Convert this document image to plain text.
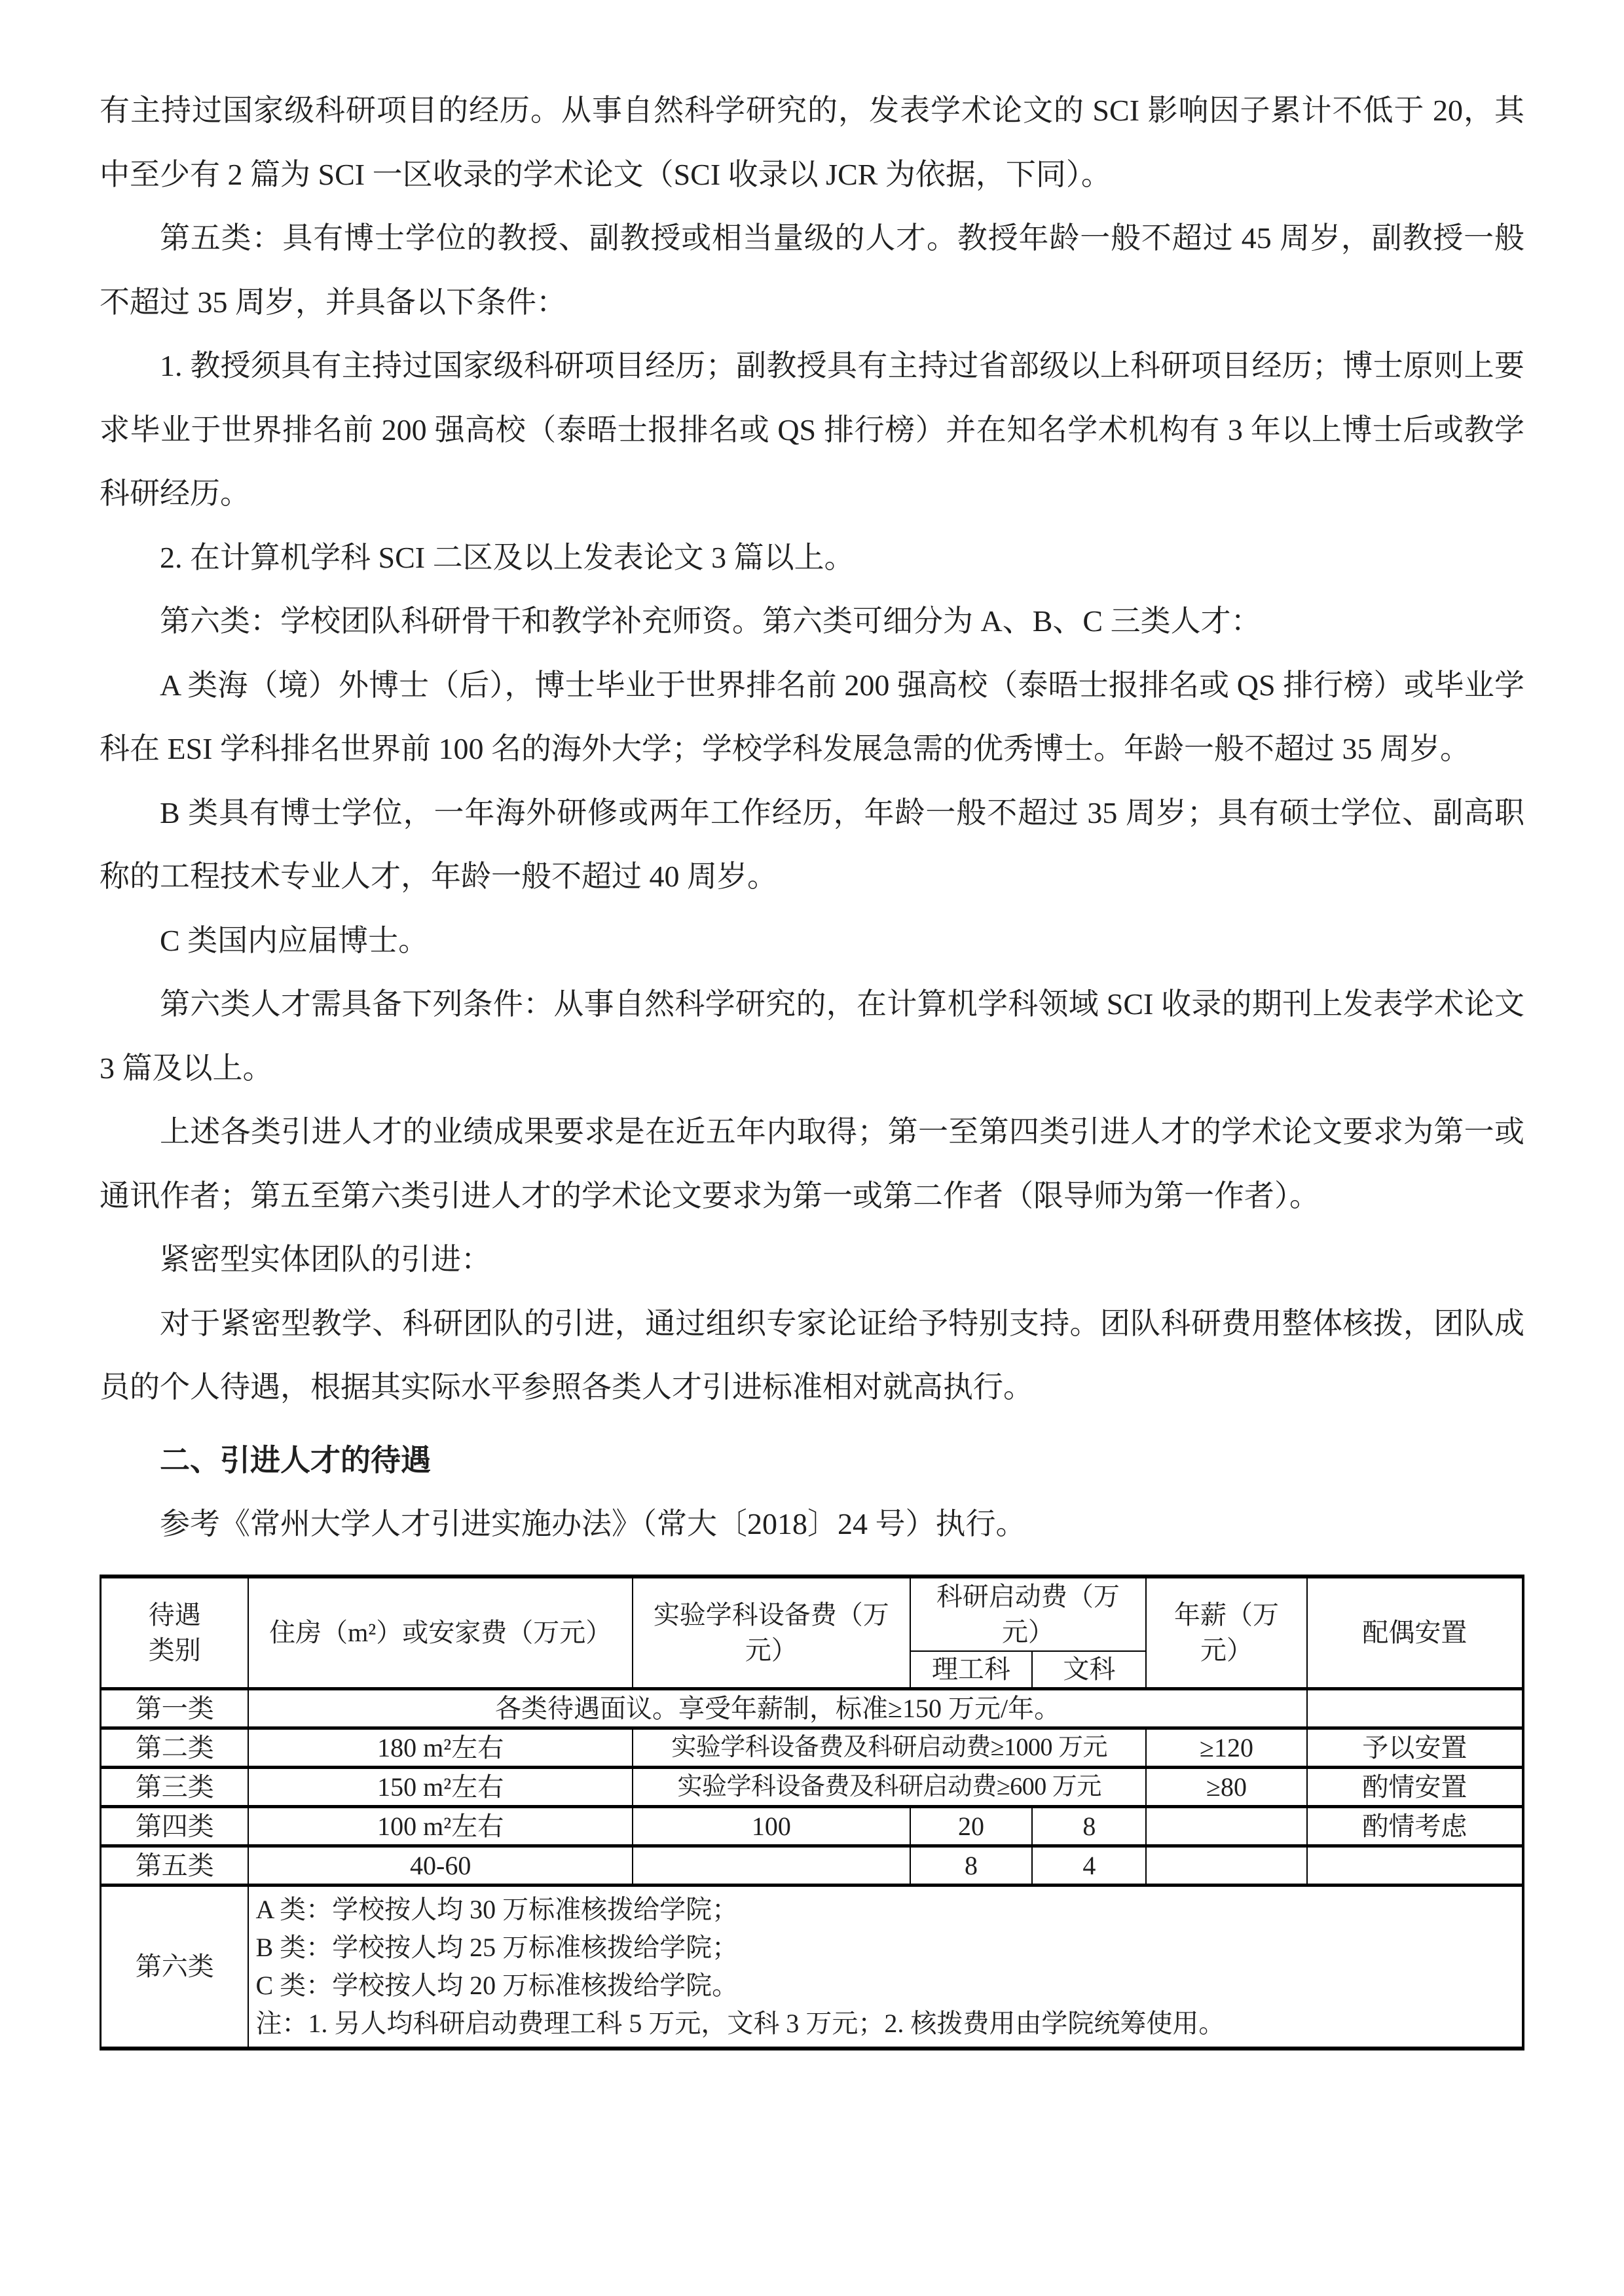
有主持过国家级科研项目的经历。从事自然科学研究的，发表学术论文的 SCI 影响因子累计不低于 20，其中至少有 2 篇为 SCI 一区收录的学术论文（SCI 收录以 JCR 为依据，下同）。

第五类：具有博士学位的教授、副教授或相当量级的人才。教授年龄一般不超过 45 周岁，副教授一般不超过 35 周岁，并具备以下条件：

1. 教授须具有主持过国家级科研项目经历；副教授具有主持过省部级以上科研项目经历；博士原则上要求毕业于世界排名前 200 强高校（泰晤士报排名或 QS 排行榜）并在知名学术机构有 3 年以上博士后或教学科研经历。

2. 在计算机学科 SCI 二区及以上发表论文 3 篇以上。

第六类：学校团队科研骨干和教学补充师资。第六类可细分为 A、B、C 三类人才：

A 类海（境）外博士（后），博士毕业于世界排名前 200 强高校（泰晤士报排名或 QS 排行榜）或毕业学科在 ESI 学科排名世界前 100 名的海外大学；学校学科发展急需的优秀博士。年龄一般不超过 35 周岁。

B 类具有博士学位，一年海外研修或两年工作经历，年龄一般不超过 35 周岁；具有硕士学位、副高职称的工程技术专业人才，年龄一般不超过 40 周岁。

C 类国内应届博士。

第六类人才需具备下列条件：从事自然科学研究的，在计算机学科领域 SCI 收录的期刊上发表学术论文 3 篇及以上。

上述各类引进人才的业绩成果要求是在近五年内取得；第一至第四类引进人才的学术论文要求为第一或通讯作者；第五至第六类引进人才的学术论文要求为第一或第二作者（限导师为第一作者）。

紧密型实体团队的引进：

对于紧密型教学、科研团队的引进，通过组织专家论证给予特别支持。团队科研费用整体核拨，团队成员的个人待遇，根据其实际水平参照各类人才引进标准相对就高执行。

二、引进人才的待遇

参考《常州大学人才引进实施办法》（常大〔2018〕24 号）执行。

待遇类别	住房（m²）或安家费（万元）	实验学科设备费（万元）	科研启动费（万元）		年薪（万元）	配偶安置
			理工科	文科		
第一类	各类待遇面议。享受年薪制，标准≥150 万元/年。					
第二类	180 m²左右	实验学科设备费及科研启动费≥1000 万元			≥120	予以安置
第三类	150 m²左右	实验学科设备费及科研启动费≥600 万元			≥80	酌情安置
第四类	100 m²左右	100	20	8		酌情考虑
第五类	40-60		8	4		
第六类	A 类：学校按人均 30 万标准核拨给学院；
B 类：学校按人均 25 万标准核拨给学院；
C 类：学校按人均 20 万标准核拨给学院。
注：1. 另人均科研启动费理工科 5 万元，文科 3 万元；2. 核拨费用由学院统筹使用。					
